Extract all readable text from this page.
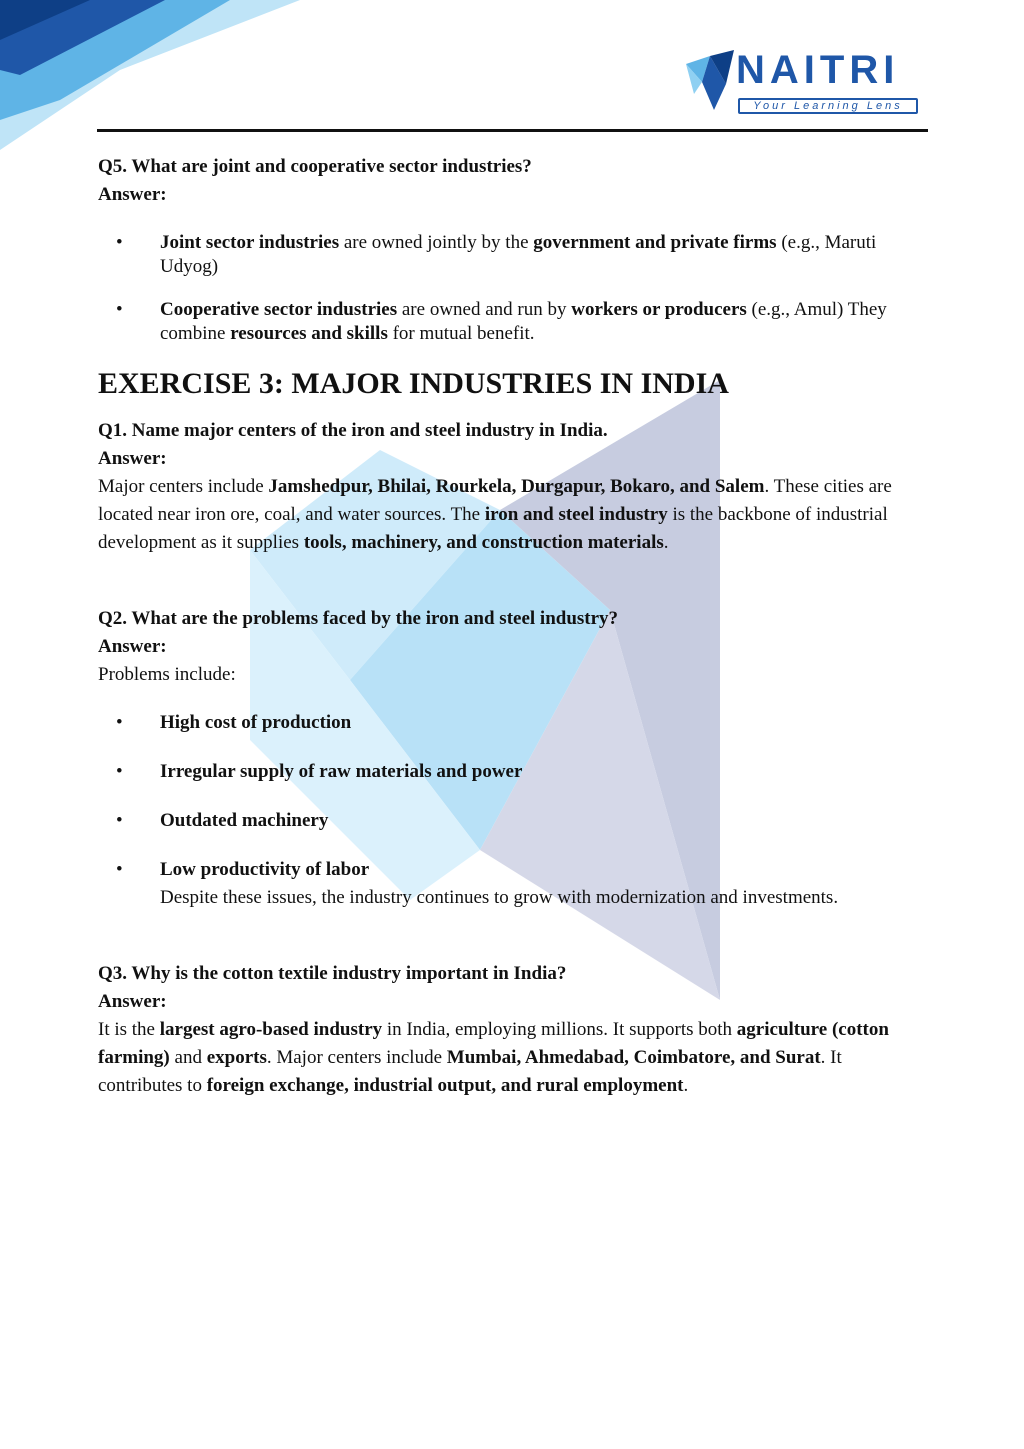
NAITRI
Your Learning Lens

Q5. What are joint and cooperative sector industries?

Answer:

• Joint sector industries are owned jointly by the government and private firms (e.g., Maruti Udyog)
• Cooperative sector industries are owned and run by workers or producers (e.g., Amul) They combine resources and skills for mutual benefit.
EXERCISE 3: MAJOR INDUSTRIES IN INDIA

Q1. Name major centers of the iron and steel industry in India.

Answer:

Major centers include Jamshedpur, Bhilai, Rourkela, Durgapur, Bokaro, and Salem. These cities are located near iron ore, coal, and water sources. The iron and steel industry is the backbone of industrial development as it supplies tools, machinery, and construction materials.

Q2. What are the problems faced by the iron and steel industry?

Answer:

Problems include:

• High cost of production
• Irregular supply of raw materials and power
• Outdated machinery
• Low productivity of labor
Despite these issues, the industry continues to grow with modernization and investments.

Q3. Why is the cotton textile industry important in India?

Answer:

It is the largest agro-based industry in India, employing millions. It supports both agriculture (cotton farming) and exports. Major centers include Mumbai, Ahmedabad, Coimbatore, and Surat. It contributes to foreign exchange, industrial output, and rural employment.
